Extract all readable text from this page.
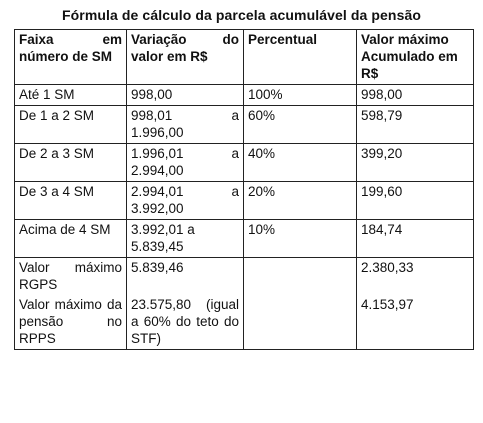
Fórmula de cálculo da parcela acumulável da pensão
Faixa em número de SM	Variação do valor em R$	Percentual	Valor máximo Acumulado em R$
Até 1 SM	998,00	100%	998,00
De 1 a 2 SM	998,01 a 1.996,00	60%	598,79
De 2 a 3 SM	1.996,01 a 2.994,00	40%	399,20
De 3 a 4 SM	2.994,01 a 3.992,00	20%	199,60
Acima de 4 SM	3.992,01 a 5.839,45	10%	184,74
Valor máximo RGPS	5.839,46		2.380,33
Valor máximo da pensão no RPPS	23.575,80 (igual a 60% do teto do STF)		4.153,97
